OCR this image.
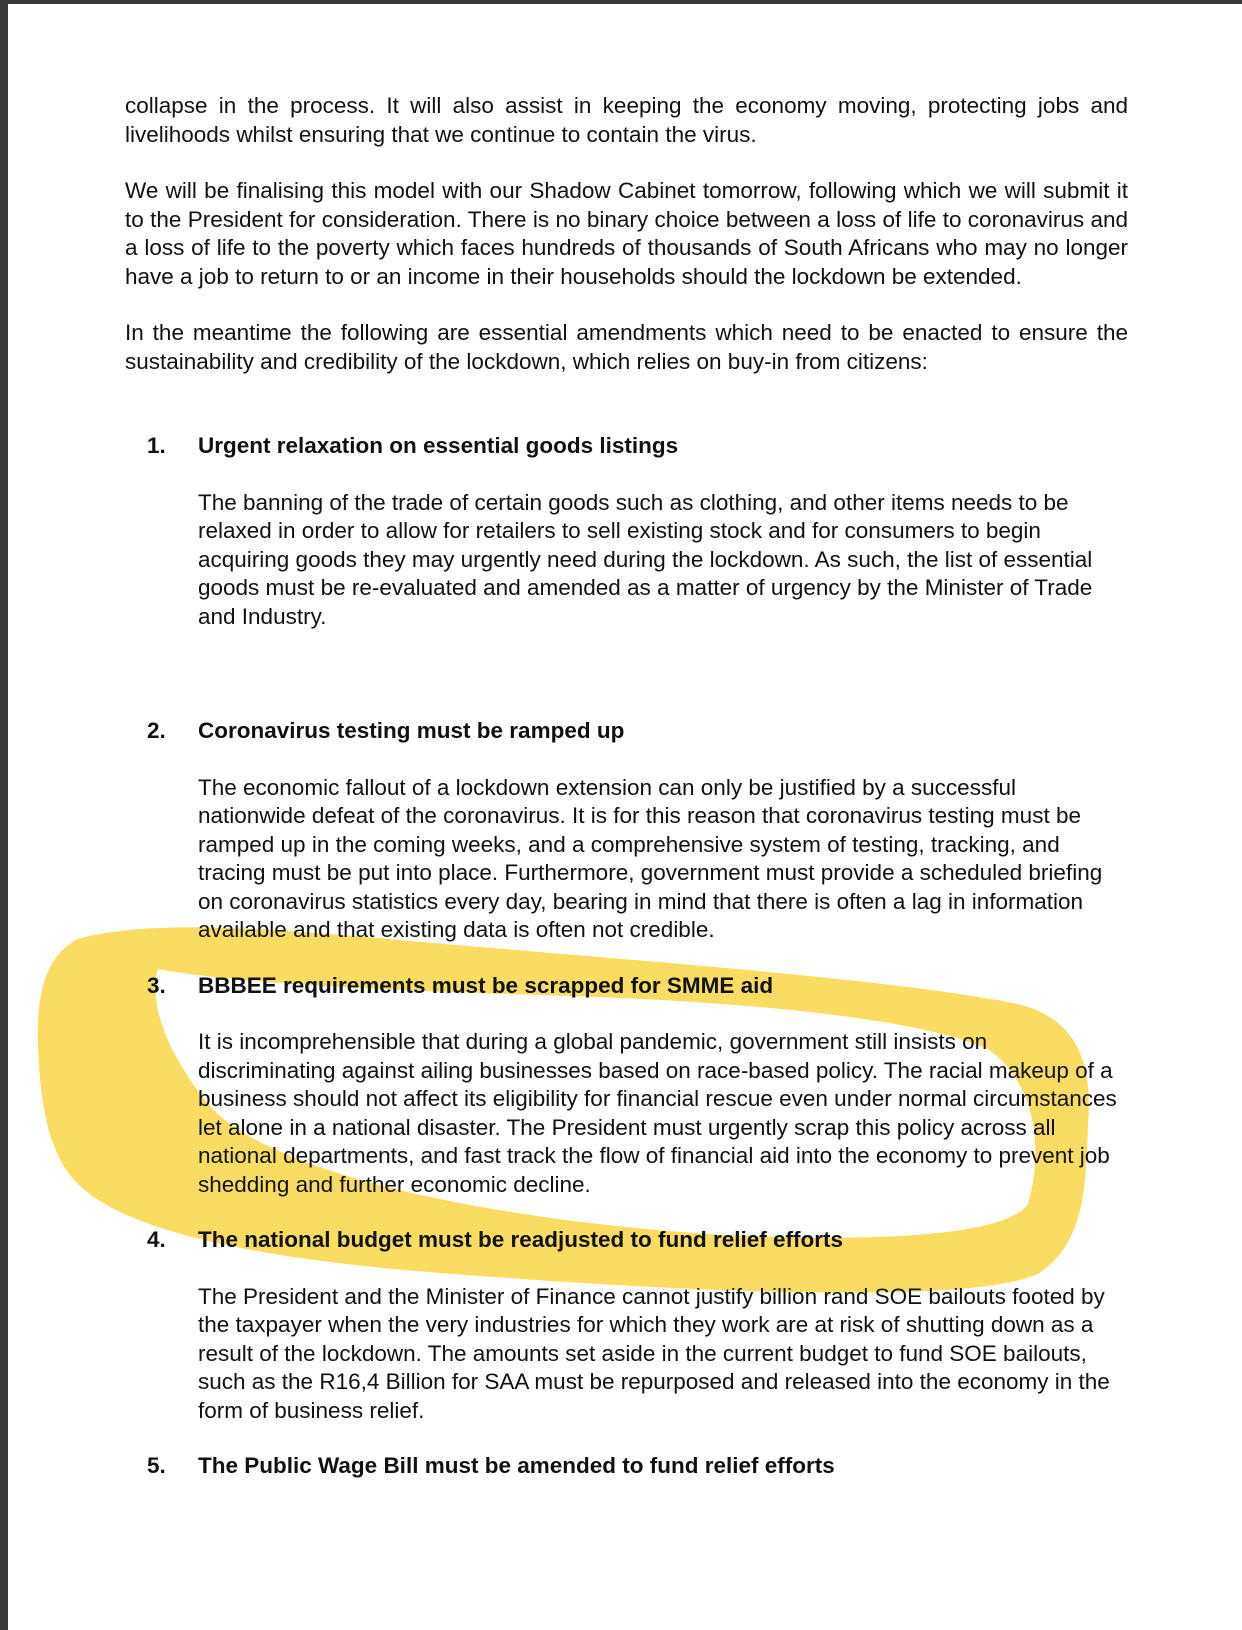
collapse in the process. It will also assist in keeping the economy moving, protecting jobs and livelihoods whilst ensuring that we continue to contain the virus.

We will be finalising this model with our Shadow Cabinet tomorrow, following which we will submit it to the President for consideration. There is no binary choice between a loss of life to coronavirus and a loss of life to the poverty which faces hundreds of thousands of South Africans who may no longer have a job to return to or an income in their households should the lockdown be extended.

In the meantime the following are essential amendments which need to be enacted to ensure the sustainability and credibility of the lockdown, which relies on buy-in from citizens:

1. Urgent relaxation on essential goods listings
The banning of the trade of certain goods such as clothing, and other items needs to be relaxed in order to allow for retailers to sell existing stock and for consumers to begin acquiring goods they may urgently need during the lockdown. As such, the list of essential goods must be re-evaluated and amended as a matter of urgency by the Minister of Trade and Industry.
2. Coronavirus testing must be ramped up
The economic fallout of a lockdown extension can only be justified by a successful nationwide defeat of the coronavirus. It is for this reason that coronavirus testing must be ramped up in the coming weeks, and a comprehensive system of testing, tracking, and tracing must be put into place. Furthermore, government must provide a scheduled briefing on coronavirus statistics every day, bearing in mind that there is often a lag in information available and that existing data is often not credible.
3. BBBEE requirements must be scrapped for SMME aid
It is incomprehensible that during a global pandemic, government still insists on discriminating against ailing businesses based on race-based policy. The racial makeup of a business should not affect its eligibility for financial rescue even under normal circumstances let alone in a national disaster. The President must urgently scrap this policy across all national departments, and fast track the flow of financial aid into the economy to prevent job shedding and further economic decline.
4. The national budget must be readjusted to fund relief efforts
The President and the Minister of Finance cannot justify billion rand SOE bailouts footed by the taxpayer when the very industries for which they work are at risk of shutting down as a result of the lockdown. The amounts set aside in the current budget to fund SOE bailouts, such as the R16,4 Billion for SAA must be repurposed and released into the economy in the form of business relief.
5. The Public Wage Bill must be amended to fund relief efforts
